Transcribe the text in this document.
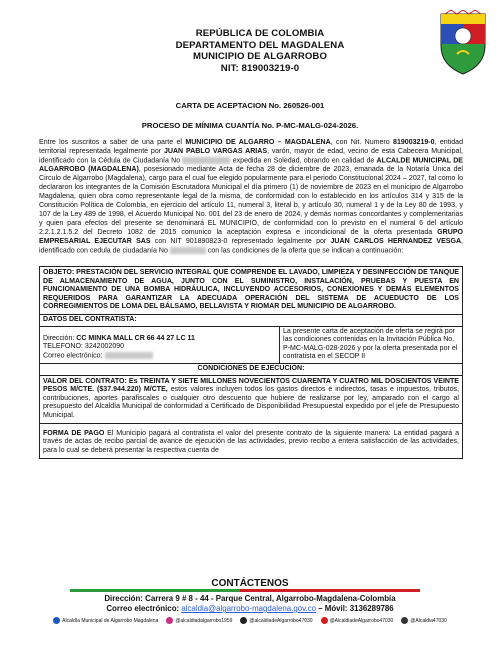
REPÚBLICA DE COLOMBIA
DEPARTAMENTO DEL MAGDALENA
MUNICIPIO DE ALGARROBO
NIT: 819003219-0
CARTA DE ACEPTACION No. 260526-001
PROCESO DE MÍNIMA CUANTÍA No. P-MC-MALG-024-2026.
Entre los suscritos a saber de una parte el MUNICIPIO DE ALGARRO – MAGDALENA, con Nit. Numero 819003219-0, entidad territorial representada legalmente por JUAN PABLO VARGAS ARIAS, varón, mayor de edad, vecino de esta Cabecera Municipal, identificado con la Cédula de Ciudadanía No	expedida en Soledad, obrando en calidad de ALCALDE MUNICIPAL DE ALGARROBO (MAGDALENA), posesionado mediante Acta de fecha 28 de diciembre de 2023, emanada de la Notaría Única del Circulo de Algarrobo (Magdalena), cargo para el cual fue elegido popularmente para el periodo Constitucional 2024 – 2027, tal como lo declararon los integrantes de la Comisión Escrutadora Municipal el día primero (1) de noviembre de 2023 en el municipio de Algarrobo Magdalena, quien obra como representante legal de la misma, de conformidad con lo establecido en los artículos 314 y 315 de la Constitución Política de Colombia, en ejercicio del artículo 11, numeral 3, literal b, y artículo 30, numeral 1 y de la Ley 80 de 1993, y 107 de la Ley 489 de 1998, el Acuerdo Municipal No. 001 del 23 de enero de 2024, y demás normas concordantes y complementarias y quien para efectos del presente se denominará EL MUNICIPIO, de conformidad con lo previsto en el numeral 6 del artículo 2.2.1.2.1.5.2 del Decreto 1082 de 2015 comunico la aceptación expresa e incondicional de la oferta presentada GRUPO EMPRESARIAL EJECUTAR SAS con NIT 901890823-0 representado legalmente por JUAN CARLOS HERNANDEZ VESGA, identificado con cedula de ciudadanía No	con las condiciones de la oferta que se indican a continuación:
OBJETO: PRESTACIÓN DEL SERVICIO INTEGRAL QUE COMPRENDE EL LAVADO, LIMPIEZA Y DESINFECCIÓN DE TANQUE DE ALMACENAMIENTO DE AGUA, JUNTO CON EL SUMINISTRO, INSTALACIÓN, PRUEBAS Y PUESTA EN FUNCIONAMIENTO DE UNA BOMBA HIDRÁULICA, INCLUYENDO ACCESORIOS, CONEXIONES Y DEMÁS ELEMENTOS REQUERIDOS PARA GARANTIZAR LA ADECUADA OPERACIÓN DEL SISTEMA DE ACUEDUCTO DE LOS CORREGIMIENTOS DE LOMA DEL BÁLSAMO, BELLAVISTA Y RIOMAR DEL MUNICIPIO DE ALGARROBO.
DATOS DEL CONTRATISTA:
Dirección: CC MINKA MALL CR 66 44 27 LC 11
TELEFONO: 3242002090
Correo electrónico:
La presente carta de aceptación de oferta se regirá por las condiciones contenidas en la Invitación Pública No. P-MC-MALG-028-2026 y por la oferta presentada por el contratista en el SECOP II
CONDICIONES DE EJECUCIÓN:
VALOR DEL CONTRATO: Es TREINTA Y SIETE MILLONES NOVECIENTOS CUARENTA Y CUATRO MIL DOSCIENTOS VEINTE PESOS M/CTE. ($37.944.220) M/CTE, estos valores incluyen todos los gastos directos e indirectos, tasas e impuestos, tributos, contribuciones, aportes parafiscales o cualquier otro descuento que hubiere de realizarse por ley, amparado con el cargo al presupuesto del Alcaldía Municipal de conformidad a Certificado de Disponibilidad Presupuestal expedido por el jefe de Presupuesto Municipal.
FORMA DE PAGO El Municipio pagará al contratista el valor del presente contrato de la siguiente manera: La entidad pagará a través de actas de recibo parcial de avance de ejecución de las actividades, previo recibo a entera satisfacción de las actividades, para lo cual se deberá presentar la respectiva cuenta de
CONTÁCTENOS
Dirección: Carrera 9 # 8 - 44 - Parque Central, Algarrobo-Magdalena-Colombia
Correo electrónico: alcaldia@algarrobo-magdalena.gov.co – Móvil: 3136289786
Alcaldía Municipal de Algarrobo Magdalena	@alcaldiadalgarrobo1959	@alcaldiadeAlgarrobo47030	@AlcaldiadeAlgarrobo47030	@Alcaldia47030
